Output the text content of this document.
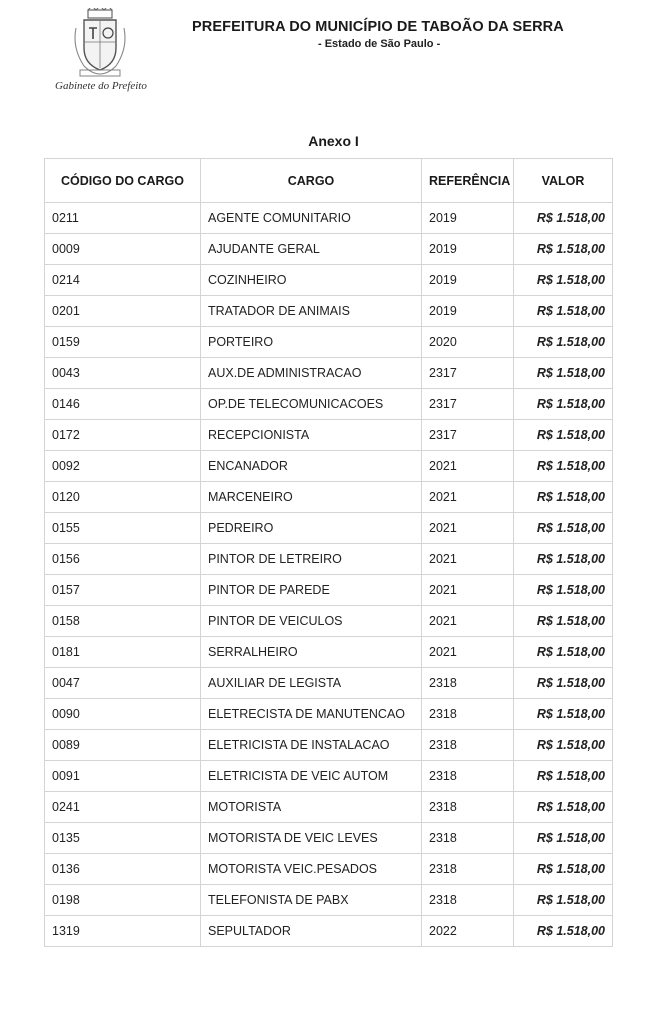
Gabinete do Prefeito
PREFEITURA DO MUNICÍPIO DE TABOÃO DA SERRA
- Estado de São Paulo -
Anexo I
CÓDIGO DO CARGO	CARGO	REFERÊNCIA	VALOR
0211	AGENTE COMUNITARIO	2019	R$ 1.518,00
0009	AJUDANTE GERAL	2019	R$ 1.518,00
0214	COZINHEIRO	2019	R$ 1.518,00
0201	TRATADOR DE ANIMAIS	2019	R$ 1.518,00
0159	PORTEIRO	2020	R$ 1.518,00
0043	AUX.DE ADMINISTRACAO	2317	R$ 1.518,00
0146	OP.DE TELECOMUNICACOES	2317	R$ 1.518,00
0172	RECEPCIONISTA	2317	R$ 1.518,00
0092	ENCANADOR	2021	R$ 1.518,00
0120	MARCENEIRO	2021	R$ 1.518,00
0155	PEDREIRO	2021	R$ 1.518,00
0156	PINTOR DE LETREIRO	2021	R$ 1.518,00
0157	PINTOR DE PAREDE	2021	R$ 1.518,00
0158	PINTOR DE VEICULOS	2021	R$ 1.518,00
0181	SERRALHEIRO	2021	R$ 1.518,00
0047	AUXILIAR DE LEGISTA	2318	R$ 1.518,00
0090	ELETRECISTA DE MANUTENCAO	2318	R$ 1.518,00
0089	ELETRICISTA DE INSTALACAO	2318	R$ 1.518,00
0091	ELETRICISTA DE VEIC AUTOM	2318	R$ 1.518,00
0241	MOTORISTA	2318	R$ 1.518,00
0135	MOTORISTA DE VEIC LEVES	2318	R$ 1.518,00
0136	MOTORISTA VEIC.PESADOS	2318	R$ 1.518,00
0198	TELEFONISTA DE PABX	2318	R$ 1.518,00
1319	SEPULTADOR	2022	R$ 1.518,00
